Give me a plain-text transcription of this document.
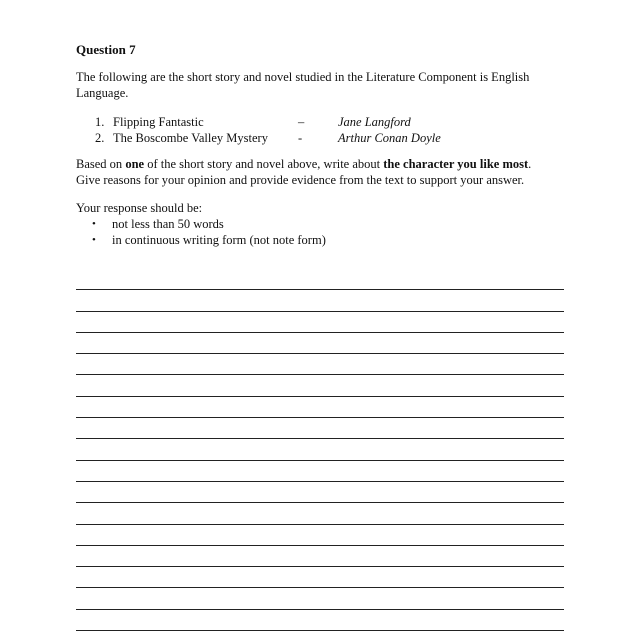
Question 7
The following are the short story and novel studied in the Literature Component is English Language.
1. Flipping Fantastic	–	Jane Langford
2. The Boscombe Valley Mystery -	Arthur Conan Doyle
Based on one of the short story and novel above, write about the character you like most.
Give reasons for your opinion and provide evidence from the text to support your answer.
Your response should be:
• not less than 50 words
• in continuous writing form (not note form)
